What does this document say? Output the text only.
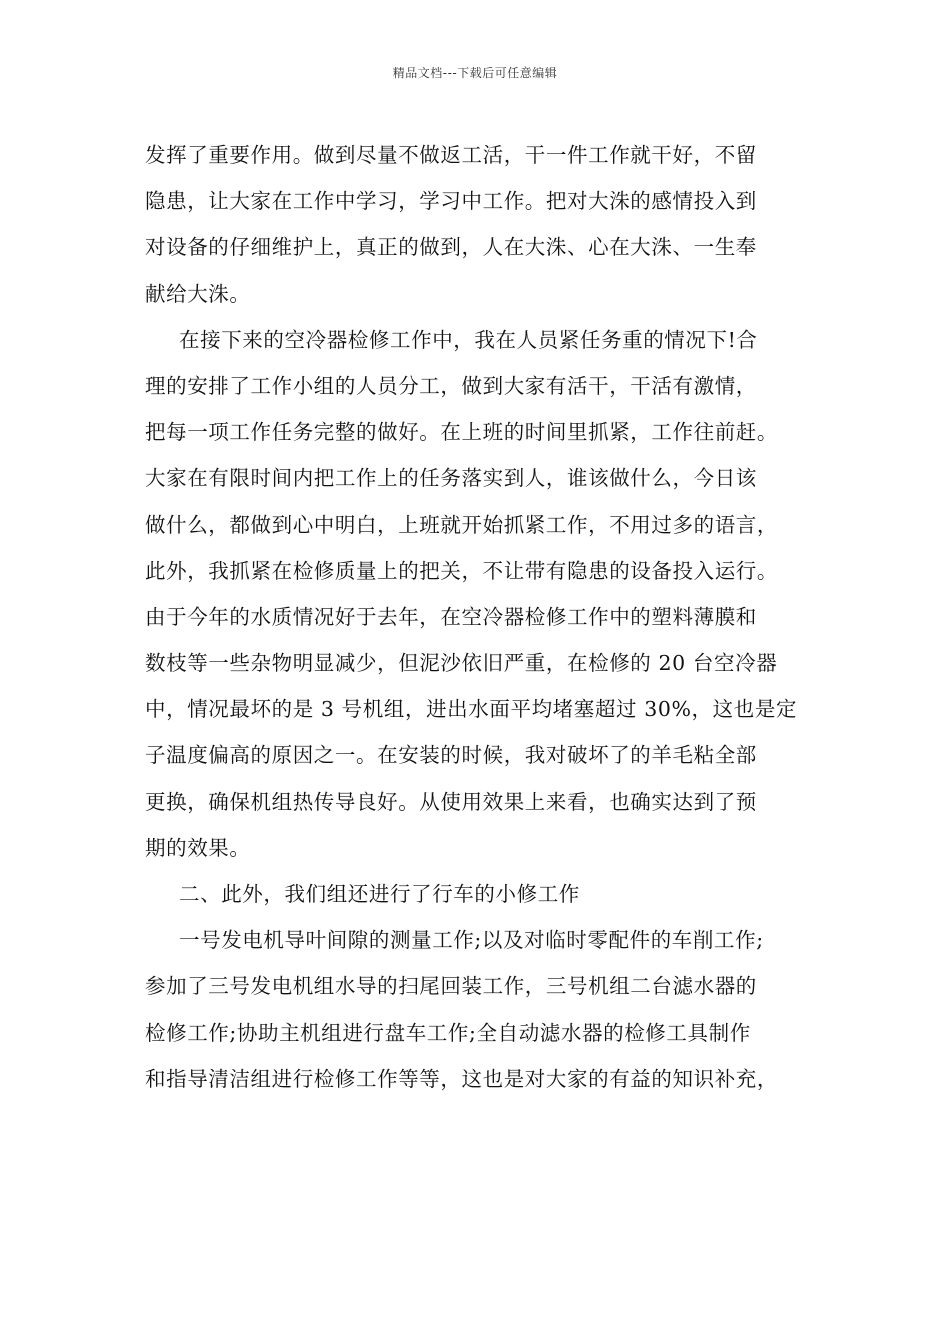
精品文档---下载后可任意编辑
发挥了重要作用。做到尽量不做返工活，干一件工作就干好，不留
隐患，让大家在工作中学习，学习中工作。把对大洙的感情投入到
对设备的仔细维护上，真正的做到，人在大洙、心在大洙、一生奉
献给大洙。
在接下来的空冷器检修工作中，我在人员紧任务重的情况下!合
理的安排了工作小组的人员分工，做到大家有活干，干活有激情，
把每一项工作任务完整的做好。在上班的时间里抓紧，工作往前赶。
大家在有限时间内把工作上的任务落实到人，谁该做什么，今日该
做什么，都做到心中明白，上班就开始抓紧工作，不用过多的语言，
此外，我抓紧在检修质量上的把关，不让带有隐患的设备投入运行。
由于今年的水质情况好于去年，在空冷器检修工作中的塑料薄膜和
数枝等一些杂物明显减少，但泥沙依旧严重，在检修的 20 台空冷器
中，情况最坏的是 3 号机组，进出水面平均堵塞超过 30%，这也是定
子温度偏高的原因之一。在安装的时候，我对破坏了的羊毛粘全部
更换，确保机组热传导良好。从使用效果上来看，也确实达到了预
期的效果。
二、此外，我们组还进行了行车的小修工作
一号发电机导叶间隙的测量工作;以及对临时零配件的车削工作;
参加了三号发电机组水导的扫尾回装工作，三号机组二台滤水器的
检修工作;协助主机组进行盘车工作;全自动滤水器的检修工具制作
和指导清洁组进行检修工作等等，这也是对大家的有益的知识补充，
